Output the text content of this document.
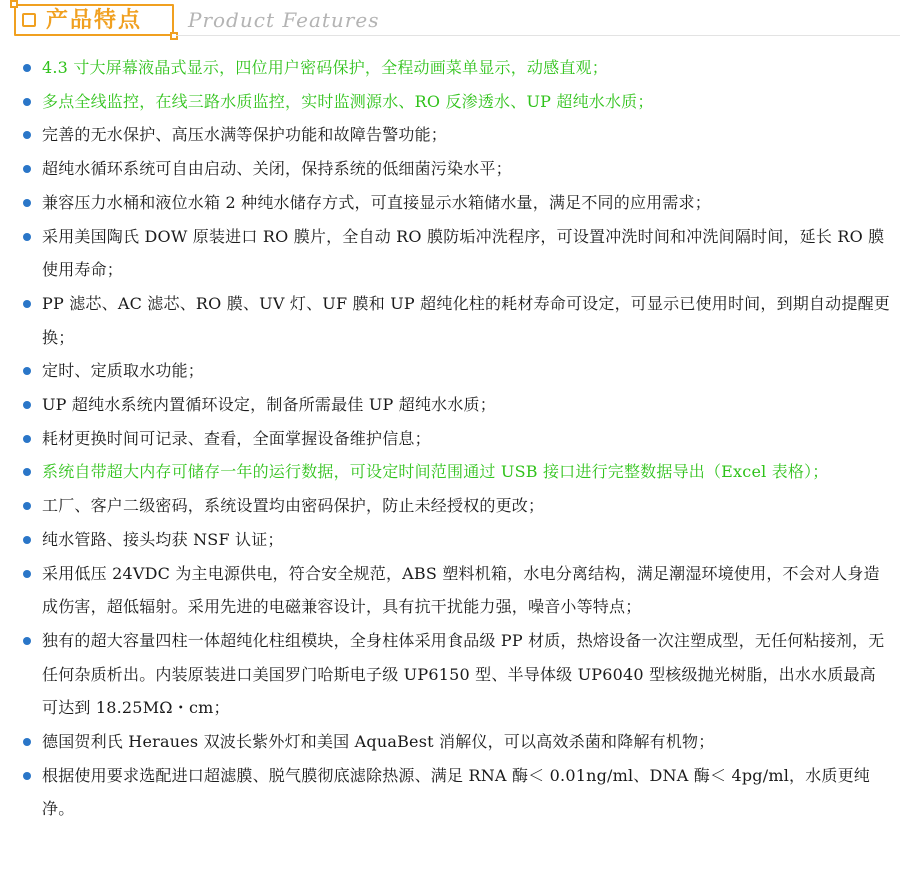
产品特点 Product Features
4.3 寸大屏幕液晶式显示，四位用户密码保护，全程动画菜单显示，动感直观；
多点全线监控，在线三路水质监控，实时监测源水、RO 反渗透水、UP 超纯水水质；
完善的无水保护、高压水满等保护功能和故障告警功能；
超纯水循环系统可自由启动、关闭，保持系统的低细菌污染水平；
兼容压力水桶和液位水箱 2 种纯水储存方式，可直接显示水箱储水量，满足不同的应用需求；
采用美国陶氏 DOW 原装进口 RO 膜片，全自动 RO 膜防垢冲洗程序，可设置冲洗时间和冲洗间隔时间，延长 RO 膜使用寿命；
PP 滤芯、AC 滤芯、RO 膜、UV 灯、UF 膜和 UP 超纯化柱的耗材寿命可设定，可显示已使用时间，到期自动提醒更换；
定时、定质取水功能；
UP 超纯水系统内置循环设定，制备所需最佳 UP 超纯水水质；
耗材更换时间可记录、查看，全面掌握设备维护信息；
系统自带超大内存可储存一年的运行数据，可设定时间范围通过 USB 接口进行完整数据导出（Excel 表格）；
工厂、客户二级密码，系统设置均由密码保护，防止未经授权的更改；
纯水管路、接头均获 NSF 认证；
采用低压 24VDC 为主电源供电，符合安全规范，ABS 塑料机箱，水电分离结构，满足潮湿环境使用，不会对人身造成伤害，超低辐射。采用先进的电磁兼容设计，具有抗干扰能力强，噪音小等特点；
独有的超大容量四柱一体超纯化柱组模块，全身柱体采用食品级 PP 材质，热熔设备一次注塑成型，无任何粘接剂，无任何杂质析出。内装原装进口美国罗门哈斯电子级 UP6150 型、半导体级 UP6040 型核级抛光树脂，出水水质最高可达到 18.25MΩ・cm；
德国贺利氏 Heraues 双波长紫外灯和美国 AquaBest 消解仪，可以高效杀菌和降解有机物；
根据使用要求选配进口超滤膜、脱气膜彻底滤除热源、满足 RNA 酶＜ 0.01ng/ml、DNA 酶＜ 4pg/ml，水质更纯净。
